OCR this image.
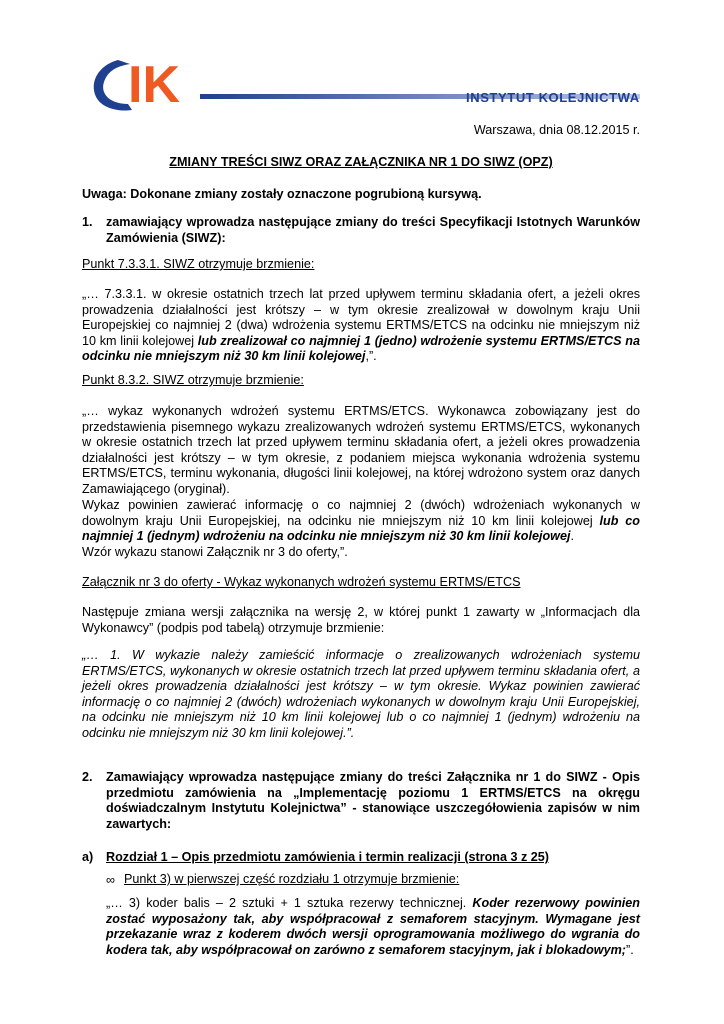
IK	INSTYTUT KOLEJNICTWA
Warszawa, dnia 08.12.2015 r.
ZMIANY TREŚCI SIWZ ORAZ ZAŁĄCZNIKA NR 1 DO SIWZ (OPZ)
Uwaga: Dokonane zmiany zostały oznaczone pogrubioną kursywą.
1. zamawiający wprowadza następujące zmiany do treści Specyfikacji Istotnych Warunków Zamówienia (SIWZ):
Punkt 7.3.3.1. SIWZ otrzymuje brzmienie:

„… 7.3.3.1. w okresie ostatnich trzech lat przed upływem terminu składania ofert, a jeżeli okres prowadzenia działalności jest krótszy – w tym okresie zrealizował w dowolnym kraju Unii Europejskiej co najmniej 2 (dwa) wdrożenia systemu ERTMS/ETCS na odcinku nie mniejszym niż 10 km linii kolejowej lub zrealizował co najmniej 1 (jedno) wdrożenie systemu ERTMS/ETCS na odcinku nie mniejszym niż 30 km linii kolejowej,”.

Punkt 8.3.2. SIWZ otrzymuje brzmienie:

„… wykaz wykonanych wdrożeń systemu ERTMS/ETCS. Wykonawca zobowiązany jest do przedstawienia pisemnego wykazu zrealizowanych wdrożeń systemu ERTMS/ETCS, wykonanych w okresie ostatnich trzech lat przed upływem terminu składania ofert, a jeżeli okres prowadzenia działalności jest krótszy – w tym okresie, z podaniem miejsca wykonania wdrożenia systemu ERTMS/ETCS, terminu wykonania, długości linii kolejowej, na której wdrożono system oraz danych Zamawiającego (oryginał).

Wykaz powinien zawierać informację o co najmniej 2 (dwóch) wdrożeniach wykonanych w dowolnym kraju Unii Europejskiej, na odcinku nie mniejszym niż 10 km linii kolejowej lub co najmniej 1 (jednym) wdrożeniu na odcinku nie mniejszym niż 30 km linii kolejowej.

Wzór wykazu stanowi Załącznik nr 3 do oferty,”.

Załącznik nr 3 do oferty - Wykaz wykonanych wdrożeń systemu ERTMS/ETCS

Następuje zmiana wersji załącznika na wersję 2, w której punkt 1 zawarty w „Informacjach dla Wykonawcy” (podpis pod tabelą) otrzymuje brzmienie:

„… 1. W wykazie należy zamieścić informacje o zrealizowanych wdrożeniach systemu ERTMS/ETCS, wykonanych w okresie ostatnich trzech lat przed upływem terminu składania ofert, a jeżeli okres prowadzenia działalności jest krótszy – w tym okresie. Wykaz powinien zawierać informację o co najmniej 2 (dwóch) wdrożeniach wykonanych w dowolnym kraju Unii Europejskiej, na odcinku nie mniejszym niż 10 km linii kolejowej lub o co najmniej 1 (jednym) wdrożeniu na odcinku nie mniejszym niż 30 km linii kolejowej.”.

2. Zamawiający wprowadza następujące zmiany do treści Załącznika nr 1 do SIWZ - Opis przedmiotu zamówienia na „Implementację poziomu 1 ERTMS/ETCS na okręgu doświadczalnym Instytutu Kolejnictwa” - stanowiące uszczegółowienia zapisów w nim zawartych:
a) Rozdział 1 – Opis przedmiotu zamówienia i termin realizacji (strona 3 z 25)
∞ Punkt 3) w pierwszej część rozdziału 1 otrzymuje brzmienie:

„… 3) koder balis – 2 sztuki + 1 sztuka rezerwy technicznej. Koder rezerwowy powinien zostać wyposażony tak, aby współpracował z semaforem stacyjnym. Wymagane jest przekazanie wraz z koderem dwóch wersji oprogramowania możliwego do wgrania do kodera tak, aby współpracował on zarówno z semaforem stacyjnym, jak i blokadowym;”.
